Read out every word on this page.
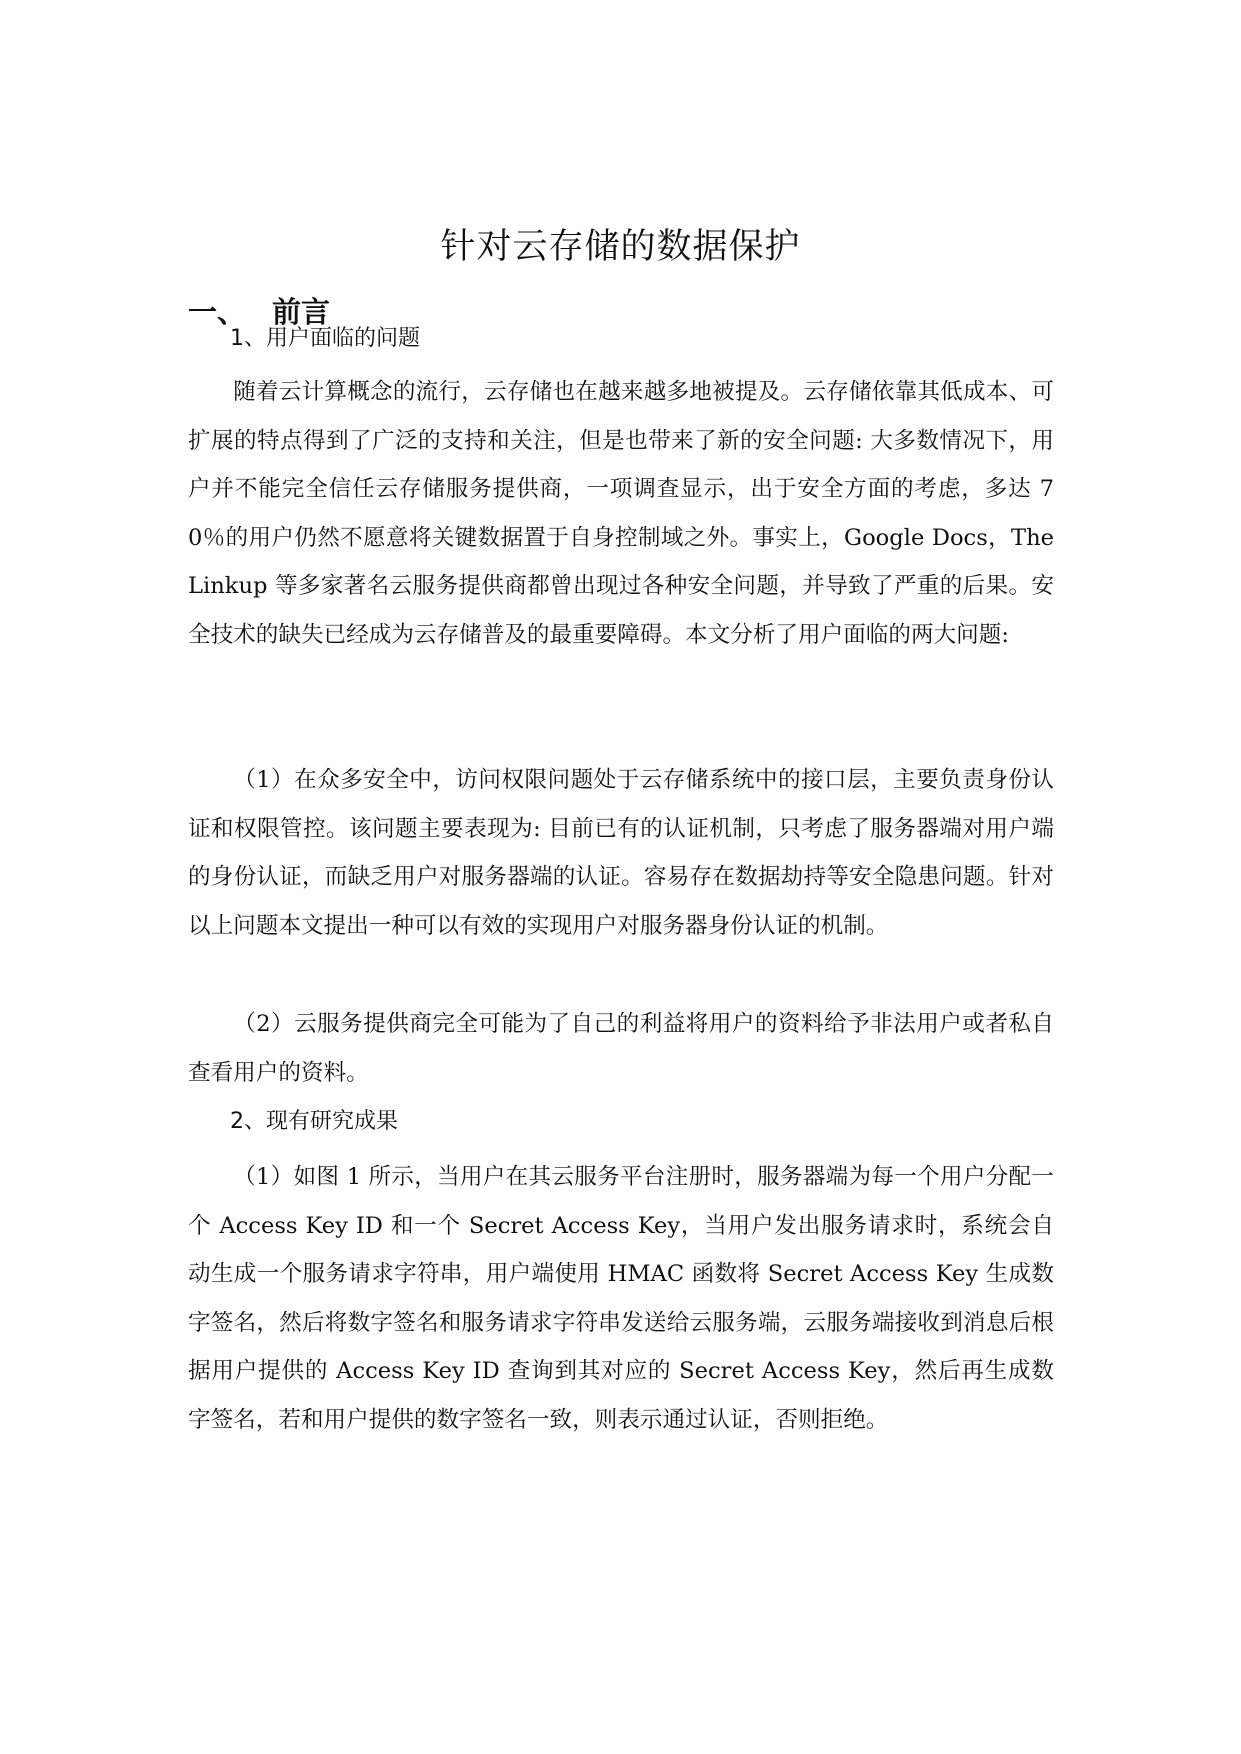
针对云存储的数据保护
一、 前言
1、用户面临的问题

随着云计算概念的流行，云存储也在越来越多地被提及。云存储依靠其低成本、可扩展的特点得到了广泛的支持和关注，但是也带来了新的安全问题: 大多数情况下，用户并不能完全信任云存储服务提供商，一项调查显示，出于安全方面的考虑，多达 70％的用户仍然不愿意将关键数据置于自身控制域之外。事实上，Google Docs，The Linkup 等多家著名云服务提供商都曾出现过各种安全问题，并导致了严重的后果。安全技术的缺失已经成为云存储普及的最重要障碍。本文分析了用户面临的两大问题:

（1）在众多安全中，访问权限问题处于云存储系统中的接口层，主要负责身份认证和权限管控。该问题主要表现为: 目前已有的认证机制，只考虑了服务器端对用户端的身份认证，而缺乏用户对服务器端的认证。容易存在数据劫持等安全隐患问题。针对以上问题本文提出一种可以有效的实现用户对服务器身份认证的机制。

（2）云服务提供商完全可能为了自己的利益将用户的资料给予非法用户或者私自查看用户的资料。

2、现有研究成果

（1）如图 1 所示，当用户在其云服务平台注册时，服务器端为每一个用户分配一个 Access Key ID 和一个 Secret Access Key，当用户发出服务请求时，系统会自动生成一个服务请求字符串，用户端使用 HMAC 函数将 Secret Access Key 生成数字签名，然后将数字签名和服务请求字符串发送给云服务端，云服务端接收到消息后根据用户提供的 Access Key ID 查询到其对应的 Secret Access Key，然后再生成数字签名，若和用户提供的数字签名一致，则表示通过认证，否则拒绝。
